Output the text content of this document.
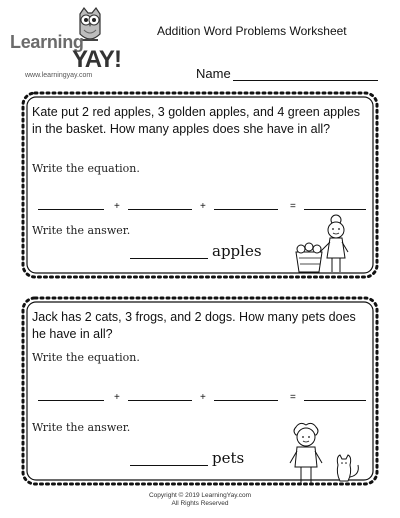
Learning
YAY!
www.learningyay.com
Addition Word Problems Worksheet
Name
Kate put 2 red apples, 3 golden apples, and 4 green apples in the basket. How many apples does she have in all?
Write the equation.
+	+	=
Write the answer.
apples
Jack has 2 cats, 3 frogs, and 2 dogs. How many pets does he have in all?
Write the equation.
+	+	=
Write the answer.
pets
Copyright © 2019 LearningYay.com
All Rights Reserved
